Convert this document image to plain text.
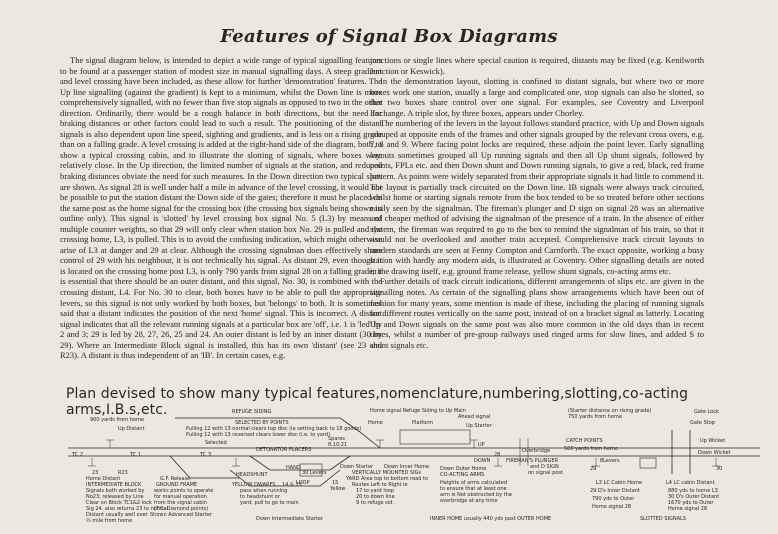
Features of Signal Box Diagrams

The signal diagram below, is intended to depict a wide range of typical signalling features to be found at a passenger station of modest size in manual signalling days. A steep gradient and level crossing have been included, as these allow for further 'demonstration' features. The Up line signalling (against the gradient) is kept to a minimum, whilst the Down line is more comprehensively signalled, with no fewer than five stop signals as opposed to two in the other direction. Ordinarily, there would be a rough balance in both directions, but the need for braking distances or other factors could lead to such a result. The positioning of the distant signals is also dependent upon line speed, sighting and gradients, and is less on a rising grade than on a falling grade. A level crossing is added at the right-hand side of the diagram, both to show a typical crossing cabin, and to illustrate the slotting of signals, where boxes were relatively close. In the Up direction, the limited number of signals at the station, and reduced braking distances obviate the need for such measures. In the Down direction two typical slots are shown. As signal 28 is well under half a mile in advance of the level crossing, it would not be possible to put the station distant the Down side of the gates; therefore it must be placed on the same post as the home signal for the crossing box (the crossing box signals being shown in outline only). This signal is 'slotted' by level crossing box signal No. 5 (L3) by means of multiple counter weights, so that 29 will only clear when station box No. 29 is pulled and the crossing home, L3, is pulled. This is to avoid the confusing indication, which might otherwise arise of L3 at danger and 29 at clear. Although the crossing signalman does effectively share control of 29 with his neighbour, it is not technically his signal. As distant 29, even though it is located on the crossing home post L3, is only 790 yards from signal 28 on a falling grade, it is essential that there should be an outer distant, and this signal, No. 30, is combined with the crossing distant, L4. For No. 30 to clear, both boxes have to be able to pull the appropriate levers, so this signal is not only worked by both boxes, but 'belongs' to both. It is sometimes said that a distant indicates the position of the next 'home' signal. This is incorrect. A distant signal indicates that all the relevant running signals at a particular box are 'off', i.e. 1 is 'led' by 2 and 3; 29 is led by 28, 27, 26, 25 and 24. An outer distant is led by an inner distant (30 by 29). Where an Intermediate Block signal is installed, this has its own 'distant' (see 23 and R23). A distant is thus independent of an 'IB'. In certain cases, e.g.

junctions or single lines where special caution is required, distants may be fixed (e.g. Kenilworth Junction or Keswick).

In the demonstration layout, slotting is confined to distant signals, but where two or more boxes work one station, usually a large and complicated one, stop signals can also be slotted, so that two boxes share control over one signal. For examples, see Coventry and Liverpool Exchange. A triple slot, by three boxes, appears under Chorley.

The numbering of the levers in the layout follows standard practice, with Up and Down signals grouped at opposite ends of the frames and other signals grouped by the relevant cross overs, e.g. 7, 8 and 9. Where facing point locks are required, these adjoin the point lever. Early signalling layouts sometimes grouped all Up running signals and then all Up shunt signals, followed by points, FPLs etc. and then Down shunt and Down running signals, to give a red, black, red frame pattern. As points were widely separated from their appropriate signals it had little to commend it. The layout is partially track circuited on the Down line. IB signals were always track circuited, whilst home or starting signals remote from the box tended to be so treated before other sections easily seen by the signalman. The fireman's plunger and D sign on signal 28 was an alternative and cheaper method of advising the signalman of the presence of a train. In the absence of either system, the fireman was required to go to the box to remind the signalman of his train, so that it would not be overlooked and another train accepted. Comprehensive track circuit layouts to modern standards are seen at Fenny Compton and Carnforth. The exact opposite, working a busy station with hardly any modern aids, is illustrated at Coventry. Other signalling details are noted in the drawing itself, e.g. ground frame release, yellow shunt signals, co-acting arms etc.

Further details of track circuit indications, different arrangements of slips etc. are given in the signalling notes. As certain of the signalling plans show arrangements which have been out of fashion for many years, some mention is made of these, including the placing of running signals for different routes vertically on the same post, instead of on a bracket signal as latterly. Locating Up and Down signals on the same post was also more common in the old days than in recent times, whilst a number of pre-group railways used ringed arms for slow lines, and added S to shunt signals etc.

Plan devised to show many typical features,nomenclature,numbering,slotting,co-acting arms,I.B.s,etc.
900 yards from home
Up Distant
REFUGE SIDING
SELECTED BY POINTS
Pulling 12 with 13 normal clears top disc (ie setting back to 18 goods)
Pulling 12 with 13 reversed clears lower disc (i.e. to yard)
Selected
DETONATOR PLACERS
Spares
8,10,21
Home signal Refuge Siding to Up Main
Home	Platform
Ahead signal
Up Starter
(Starter distance on rising grade)
750 yards from home
Gate Lock
Gate Stop
CATCH POINTS
500 yards from home
Up Wicket
Down Wicket
UP
DOWN
Overbridge
TC 2	TC 1	TC 3
23	R23
Home Distant
INTERMEDIATE BLOCK
Signals both worked by
No23; released by Line
Clear on Block TC1&2 lock
Sig 24, also returns 23 to normal
Distant usually well over
½ mile from home
G.F. Release
GROUND FRAME
works points to operate
for manual operation
from the signal cabin
(T.C. Diamond points)
Shown Advanced Starter
HEADSHUNT
YELLOW DWARFS 14 & 15
pass when running
to headshunt or
yard; pull to go to main
HAND
30 Levers
LOOP	15
Yellow
Down Intermediate Starter
Down Starter Down Inner Home
VERTICALLY MOUNTED SIGs
YARD Area top to bottom read to
Routes Left to Right ie
17 to yard loop
20 to down line
9 to refuge sid.
28
FIREMAN'S PLUNGER
and D SIGN
on signal post
Down Outer Home
CO-ACTING ARMS
Heights of arms calculated
to ensure that at least one
arm is Not obstructed by the
overbridge at any time
8Levers
29	30
L3 LC Cabin Home	L4 LC cabin Distant
29 D's Inner Distant	880 yds to home L3
30 D's Outer Distant
790 yds to Outer
1670 yds to Outer
Home signal 28	Home signal 28
INNER HOME usually 440 yds past OUTER HOME	SLOTTED SIGNALS
